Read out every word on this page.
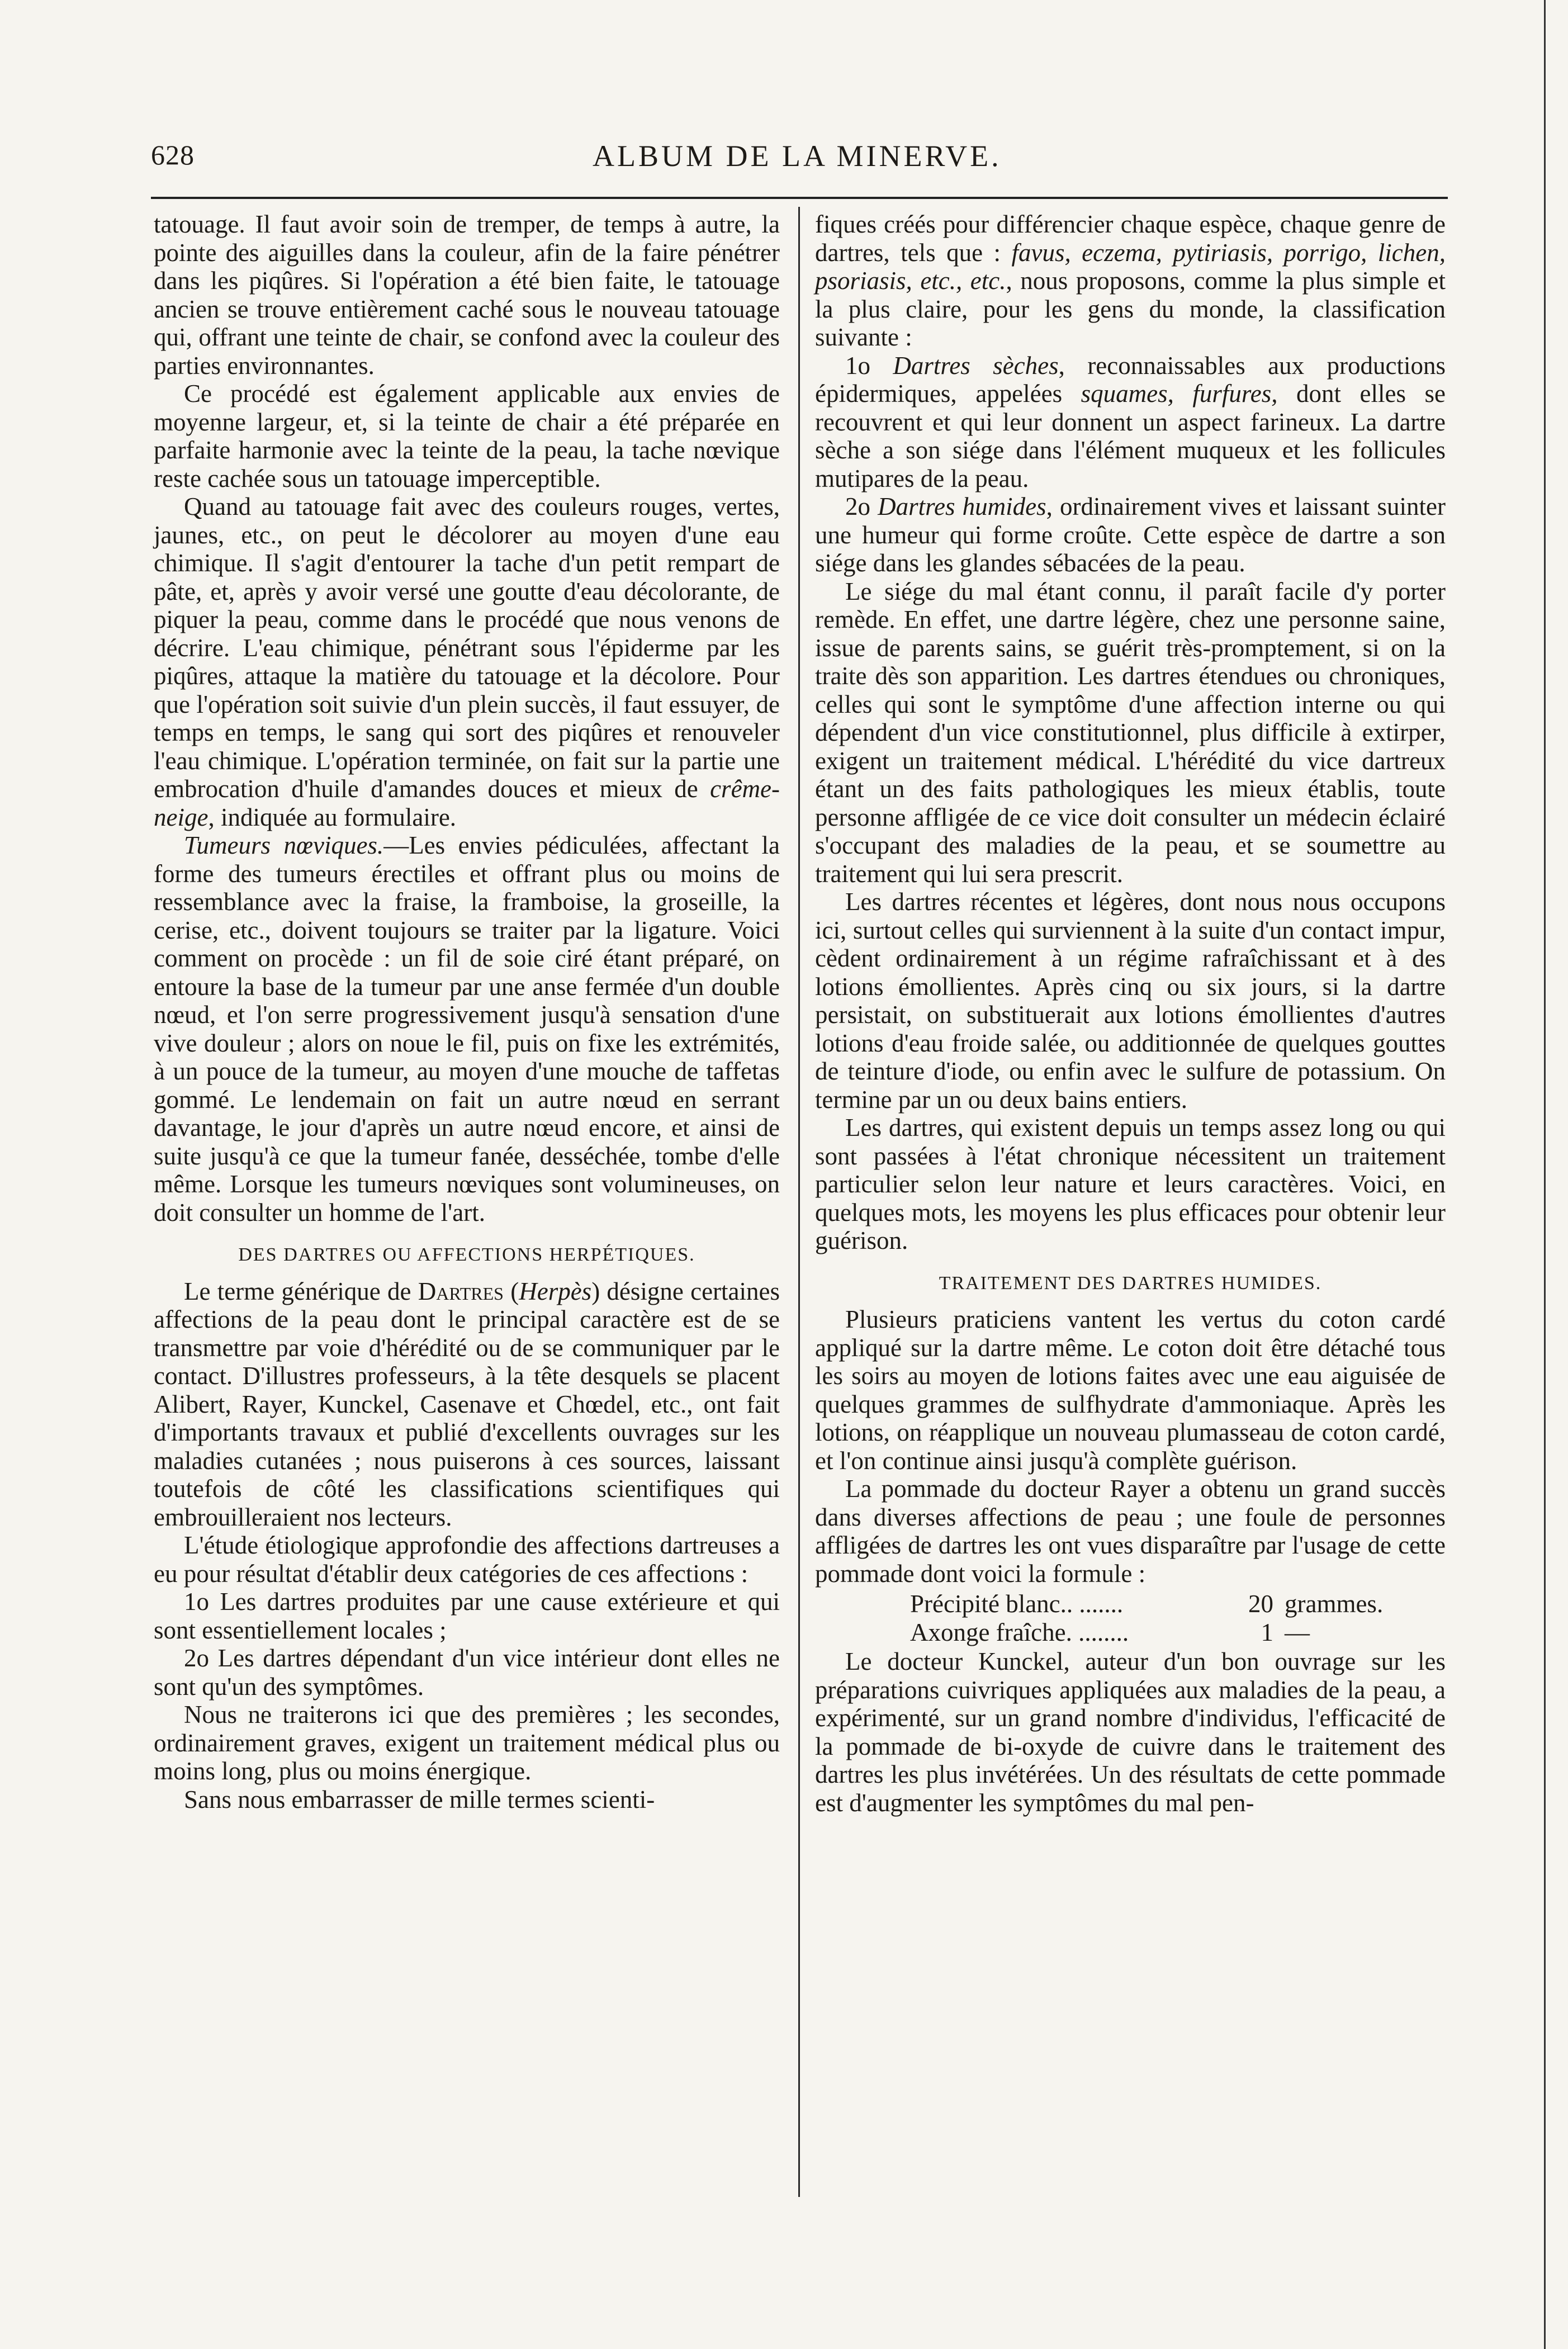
628	ALBUM DE LA MINERVE.

tatouage. Il faut avoir soin de tremper, de temps à autre, la pointe des aiguilles dans la couleur, afin de la faire pénétrer dans les piqûres. Si l'opération a été bien faite, le tatouage ancien se trouve entièrement caché sous le nouveau tatouage qui, offrant une teinte de chair, se confond avec la couleur des parties environnantes.

Ce procédé est également applicable aux envies de moyenne largeur, et, si la teinte de chair a été préparée en parfaite harmonie avec la teinte de la peau, la tache nœvique reste cachée sous un tatouage imperceptible.

Quand au tatouage fait avec des couleurs rouges, vertes, jaunes, etc., on peut le décolorer au moyen d'une eau chimique. Il s'agit d'entourer la tache d'un petit rempart de pâte, et, après y avoir versé une goutte d'eau décolorante, de piquer la peau, comme dans le procédé que nous venons de décrire. L'eau chimique, pénétrant sous l'épiderme par les piqûres, attaque la matière du tatouage et la décolore. Pour que l'opération soit suivie d'un plein succès, il faut essuyer, de temps en temps, le sang qui sort des piqûres et renouveler l'eau chimique. L'opération terminée, on fait sur la partie une embrocation d'huile d'amandes douces et mieux de crême-neige, indiquée au formulaire.

Tumeurs nœviques.—Les envies pédiculées, affectant la forme des tumeurs érectiles et offrant plus ou moins de ressemblance avec la fraise, la framboise, la groseille, la cerise, etc., doivent toujours se traiter par la ligature. Voici comment on procède : un fil de soie ciré étant préparé, on entoure la base de la tumeur par une anse fermée d'un double nœud, et l'on serre progressivement jusqu'à sensation d'une vive douleur ; alors on noue le fil, puis on fixe les extrémités, à un pouce de la tumeur, au moyen d'une mouche de taffetas gommé. Le lendemain on fait un autre nœud en serrant davantage, le jour d'après un autre nœud encore, et ainsi de suite jusqu'à ce que la tumeur fanée, desséchée, tombe d'elle même. Lorsque les tumeurs nœviques sont volumineuses, on doit consulter un homme de l'art.

DES DARTRES OU AFFECTIONS HERPÉTIQUES.

Le terme générique de Dartres (Herpès) désigne certaines affections de la peau dont le principal caractère est de se transmettre par voie d'hérédité ou de se communiquer par le contact. D'illustres professeurs, à la tête desquels se placent Alibert, Rayer, Kunckel, Casenave et Chœdel, etc., ont fait d'importants travaux et publié d'excellents ouvrages sur les maladies cutanées ; nous puiserons à ces sources, laissant toutefois de côté les classifications scientifiques qui embrouilleraient nos lecteurs.

L'étude étiologique approfondie des affections dartreuses a eu pour résultat d'établir deux catégories de ces affections :

1o Les dartres produites par une cause extérieure et qui sont essentiellement locales ;

2o Les dartres dépendant d'un vice intérieur dont elles ne sont qu'un des symptômes.

Nous ne traiterons ici que des premières ; les secondes, ordinairement graves, exigent un traitement médical plus ou moins long, plus ou moins énergique.

Sans nous embarrasser de mille termes scienti-

fiques créés pour différencier chaque espèce, chaque genre de dartres, tels que : favus, eczema, pytiriasis, porrigo, lichen, psoriasis, etc., etc., nous proposons, comme la plus simple et la plus claire, pour les gens du monde, la classification suivante :

1o Dartres sèches, reconnaissables aux productions épidermiques, appelées squames, furfures, dont elles se recouvrent et qui leur donnent un aspect farineux. La dartre sèche a son siége dans l'élément muqueux et les follicules mutipares de la peau.

2o Dartres humides, ordinairement vives et laissant suinter une humeur qui forme croûte. Cette espèce de dartre a son siége dans les glandes sébacées de la peau.

Le siége du mal étant connu, il paraît facile d'y porter remède. En effet, une dartre légère, chez une personne saine, issue de parents sains, se guérit très-promptement, si on la traite dès son apparition. Les dartres étendues ou chroniques, celles qui sont le symptôme d'une affection interne ou qui dépendent d'un vice constitutionnel, plus difficile à extirper, exigent un traitement médical. L'hérédité du vice dartreux étant un des faits pathologiques les mieux établis, toute personne affligée de ce vice doit consulter un médecin éclairé s'occupant des maladies de la peau, et se soumettre au traitement qui lui sera prescrit.

Les dartres récentes et légères, dont nous nous occupons ici, surtout celles qui surviennent à la suite d'un contact impur, cèdent ordinairement à un régime rafraîchissant et à des lotions émollientes. Après cinq ou six jours, si la dartre persistait, on substituerait aux lotions émollientes d'autres lotions d'eau froide salée, ou additionnée de quelques gouttes de teinture d'iode, ou enfin avec le sulfure de potassium. On termine par un ou deux bains entiers.

Les dartres, qui existent depuis un temps assez long ou qui sont passées à l'état chronique nécessitent un traitement particulier selon leur nature et leurs caractères. Voici, en quelques mots, les moyens les plus efficaces pour obtenir leur guérison.

TRAITEMENT DES DARTRES HUMIDES.

Plusieurs praticiens vantent les vertus du coton cardé appliqué sur la dartre même. Le coton doit être détaché tous les soirs au moyen de lotions faites avec une eau aiguisée de quelques grammes de sulfhydrate d'ammoniaque. Après les lotions, on réapplique un nouveau plumasseau de coton cardé, et l'on continue ainsi jusqu'à complète guérison.

La pommade du docteur Rayer a obtenu un grand succès dans diverses affections de peau ; une foule de personnes affligées de dartres les ont vues disparaître par l'usage de cette pommade dont voici la formule :

Précipité blanc.. .......	20 grammes.
Axonge fraîche. ........	1 —

Le docteur Kunckel, auteur d'un bon ouvrage sur les préparations cuivriques appliquées aux maladies de la peau, a expérimenté, sur un grand nombre d'individus, l'efficacité de la pommade de bi-oxyde de cuivre dans le traitement des dartres les plus invétérées. Un des résultats de cette pommade est d'augmenter les symptômes du mal pen-
